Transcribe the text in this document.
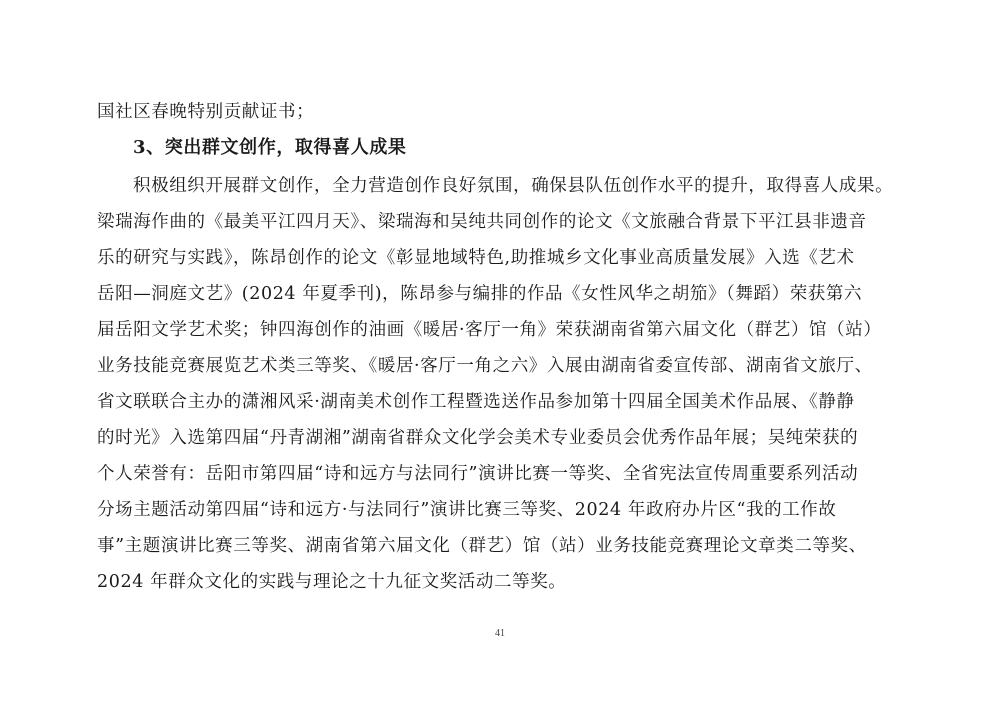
国社区春晚特别贡献证书；
3、突出群文创作，取得喜人成果
积极组织开展群文创作，全力营造创作良好氛围，确保县队伍创作水平的提升，取得喜人成果。
梁瑞海作曲的《最美平江四月天》、梁瑞海和吴纯共同创作的论文《文旅融合背景下平江县非遗音
乐的研究与实践》，陈昂创作的论文《彰显地域特色,助推城乡文化事业高质量发展》入选《艺术
岳阳—洞庭文艺》(2024 年夏季刊)，陈昂参与编排的作品《女性风华之胡笳》（舞蹈）荣获第六
届岳阳文学艺术奖；钟四海创作的油画《暖居·客厅一角》荣获湖南省第六届文化（群艺）馆（站）
业务技能竞赛展览艺术类三等奖、《暖居·客厅一角之六》入展由湖南省委宣传部、湖南省文旅厅、
省文联联合主办的潇湘风采·湖南美术创作工程暨选送作品参加第十四届全国美术作品展、《静静
的时光》入选第四届“丹青湖湘”湖南省群众文化学会美术专业委员会优秀作品年展；吴纯荣获的
个人荣誉有：岳阳市第四届“诗和远方与法同行”演讲比赛一等奖、全省宪法宣传周重要系列活动
分场主题活动第四届“诗和远方·与法同行”演讲比赛三等奖、2024 年政府办片区“我的工作故
事”主题演讲比赛三等奖、湖南省第六届文化（群艺）馆（站）业务技能竞赛理论文章类二等奖、
2024 年群众文化的实践与理论之十九征文奖活动二等奖。
41
